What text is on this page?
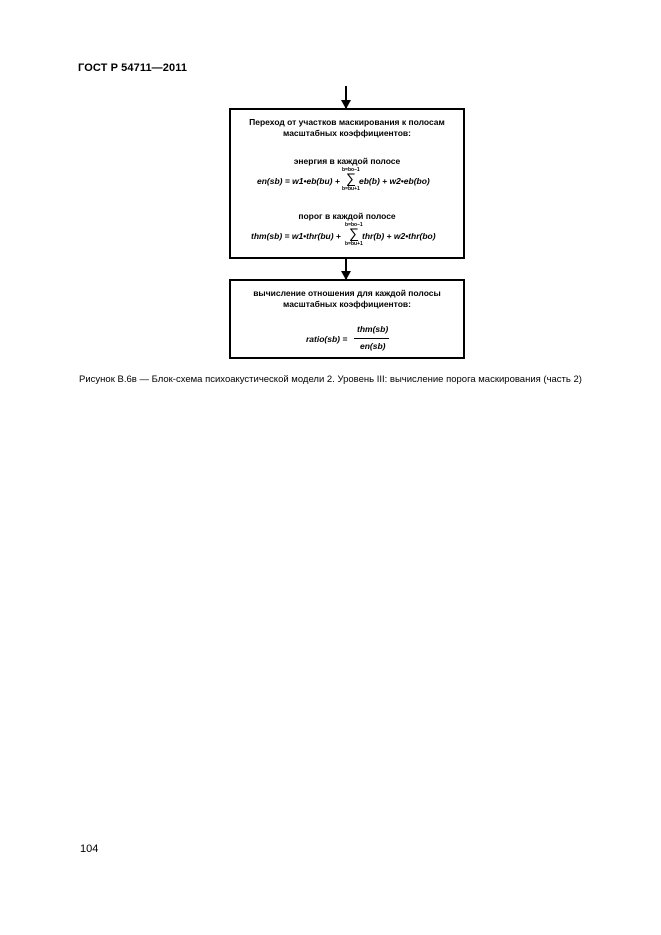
ГОСТ Р 54711—2011
Переход от участков маскирования к полосам
масштабных коэффициентов:
энергия в каждой полосе
en(sb) = w1•eb(bu) +
b=bo–1
∑
b=bu+1
eb(b) + w2•eb(bo)
порог в каждой полосе
thm(sb) = w1•thr(bu) +
b=bo–1
∑
b=bu+1
thr(b) + w2•thr(bo)
вычисление отношения для каждой полосы
масштабных коэффициентов:
ratio(sb) =
thm(sb)
en(sb)
Рисунок В.6в — Блок-схема психоакустической модели 2. Уровень III: вычисление порога маскирования (часть 2)
104
